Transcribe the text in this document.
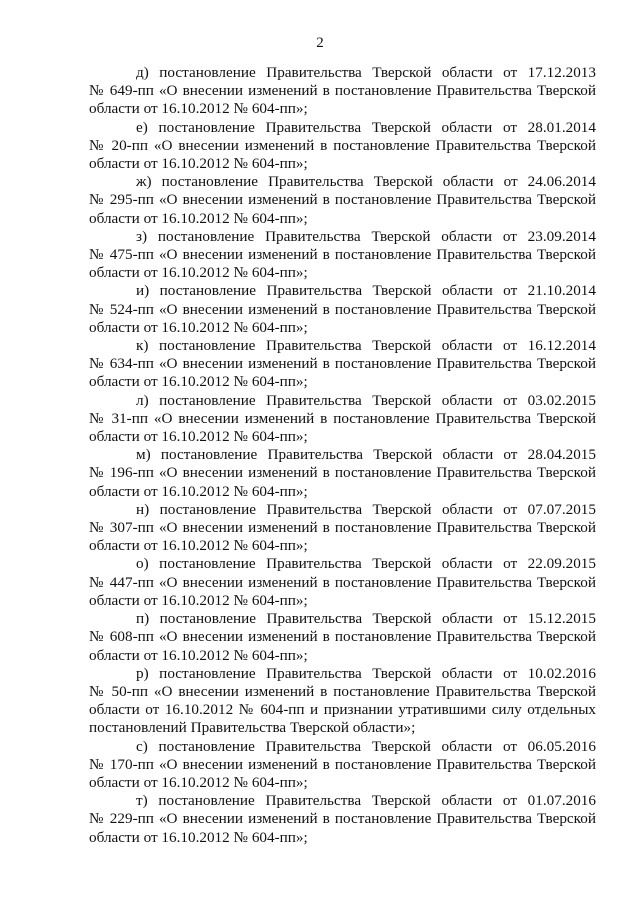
2

д) постановление Правительства Тверской области от 17.12.2013
№ 649-пп «О внесении изменений в постановление Правительства Тверской
области от 16.10.2012 № 604-пп»;

е) постановление Правительства Тверской области от 28.01.2014
№ 20-пп «О внесении изменений в постановление Правительства Тверской
области от 16.10.2012 № 604-пп»;

ж) постановление Правительства Тверской области от 24.06.2014
№ 295-пп «О внесении изменений в постановление Правительства Тверской
области от 16.10.2012 № 604-пп»;

з) постановление Правительства Тверской области от 23.09.2014
№ 475-пп «О внесении изменений в постановление Правительства Тверской
области от 16.10.2012 № 604-пп»;

и) постановление Правительства Тверской области от 21.10.2014
№ 524-пп «О внесении изменений в постановление Правительства Тверской
области от 16.10.2012 № 604-пп»;

к) постановление Правительства Тверской области от 16.12.2014
№ 634-пп «О внесении изменений в постановление Правительства Тверской
области от 16.10.2012 № 604-пп»;

л) постановление Правительства Тверской области от 03.02.2015
№ 31-пп «О внесении изменений в постановление Правительства Тверской
области от 16.10.2012 № 604-пп»;

м) постановление Правительства Тверской области от 28.04.2015
№ 196-пп «О внесении изменений в постановление Правительства Тверской
области от 16.10.2012 № 604-пп»;

н) постановление Правительства Тверской области от 07.07.2015
№ 307-пп «О внесении изменений в постановление Правительства Тверской
области от 16.10.2012 № 604-пп»;

о) постановление Правительства Тверской области от 22.09.2015
№ 447-пп «О внесении изменений в постановление Правительства Тверской
области от 16.10.2012 № 604-пп»;

п) постановление Правительства Тверской области от 15.12.2015
№ 608-пп «О внесении изменений в постановление Правительства Тверской
области от 16.10.2012 № 604-пп»;

р) постановление Правительства Тверской области от 10.02.2016
№ 50-пп «О внесении изменений в постановление Правительства Тверской
области от 16.10.2012 № 604-пп и признании утратившими силу отдельных
постановлений Правительства Тверской области»;

с) постановление Правительства Тверской области от 06.05.2016
№ 170-пп «О внесении изменений в постановление Правительства Тверской
области от 16.10.2012 № 604-пп»;

т) постановление Правительства Тверской области от 01.07.2016
№ 229-пп «О внесении изменений в постановление Правительства Тверской
области от 16.10.2012 № 604-пп»;
